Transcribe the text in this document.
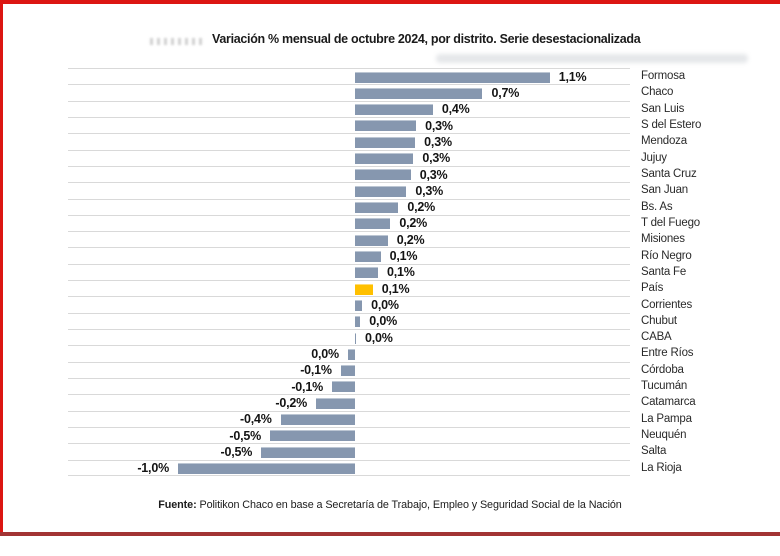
Variación % mensual de octubre 2024, por distrito. Serie desestacionalizada
1,1%
0,7%
0,4%
0,3%
0,3%
0,3%
0,3%
0,3%
0,2%
0,2%
0,2%
0,1%
0,1%
0,1%
0,0%
0,0%
0,0%
0,0%
-0,1%
-0,1%
-0,2%
-0,4%
-0,5%
-0,5%
-1,0%
Formosa
Chaco
San Luis
S del Estero
Mendoza
Jujuy
Santa Cruz
San Juan
Bs. As
T del Fuego
Misiones
Río Negro
Santa Fe
País
Corrientes
Chubut
CABA
Entre Ríos
Córdoba
Tucumán
Catamarca
La Pampa
Neuquén
Salta
La Rioja
Fuente: Politikon Chaco en base a Secretaría de Trabajo, Empleo y Seguridad Social de la Nación
